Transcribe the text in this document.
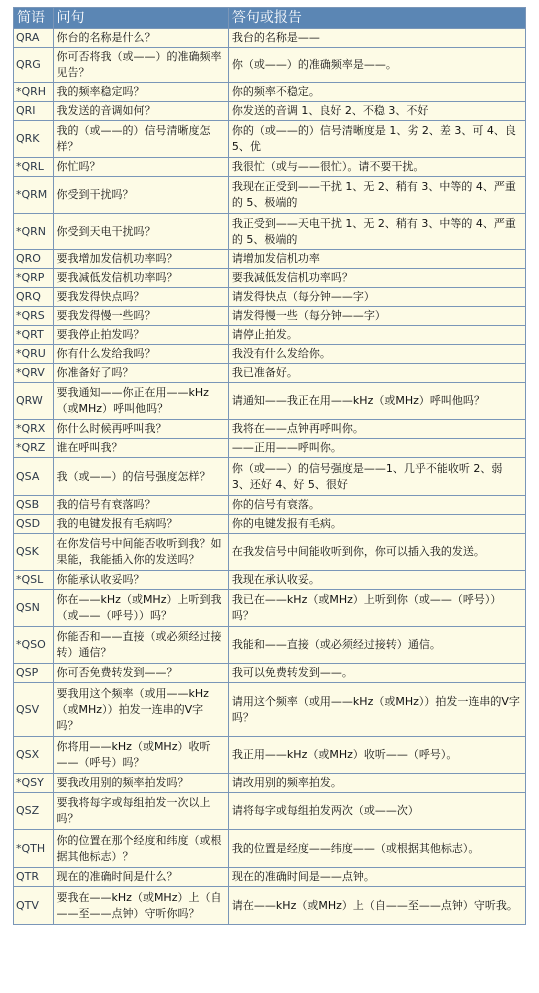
简语	问句	答句或报告
QRA	你台的名称是什么？	我台的名称是——
QRG	你可否将我（或——）的准确频率见告？	你（或——）的准确频率是——。
*QRH	我的频率稳定吗？	你的频率不稳定。
QRI	我发送的音调如何？	你发送的音调 1、良好 2、不稳 3、不好
QRK	我的（或——的）信号清晰度怎样？	你的（或——的）信号清晰度是 1、劣 2、差 3、可 4、良 5、优
*QRL	你忙吗？	我很忙（或与——很忙）。请不要干扰。
*QRM	你受到干扰吗？	我现在正受到——干扰 1、无 2、稍有 3、中等的 4、严重的 5、极端的
*QRN	你受到天电干扰吗？	我正受到——天电干扰 1、无 2、稍有 3、中等的 4、严重的 5、极端的
QRO	要我增加发信机功率吗？	请增加发信机功率
*QRP	要我减低发信机功率吗？	要我减低发信机功率吗？
QRQ	要我发得快点吗？	请发得快点（每分钟——字）
*QRS	要我发得慢一些吗？	请发得慢一些（每分钟——字）
*QRT	要我停止拍发吗？	请停止拍发。
*QRU	你有什么发给我吗？	我没有什么发给你。
*QRV	你准备好了吗？	我已准备好。
QRW	要我通知——你正在用——kHz（或MHz）呼叫他吗？	请通知——我正在用——kHz（或MHz）呼叫他吗？
*QRX	你什么时候再呼叫我？	我将在——点钟再呼叫你。
*QRZ	谁在呼叫我？	——正用——呼叫你。
QSA	我（或——）的信号强度怎样？	你（或——）的信号强度是——1、几乎不能收听 2、弱 3、还好 4、好 5、很好
QSB	我的信号有衰落吗？	你的信号有衰落。
QSD	我的电键发报有毛病吗？	你的电键发报有毛病。
QSK	在你发信号中间能否收听到我？如果能，我能插入你的发送吗？	在我发信号中间能收听到你，你可以插入我的发送。
*QSL	你能承认收妥吗？	我现在承认收妥。
QSN	你在——kHz（或MHz）上听到我（或——（呼号））吗？	我已在——kHz（或MHz）上听到你（或——（呼号））吗？
*QSO	你能否和——直接（或必须经过接转）通信？	我能和——直接（或必须经过接转）通信。
QSP	你可否免费转发到——？	我可以免费转发到——。
QSV	要我用这个频率（或用——kHz（或MHz））拍发一连串的V字吗？	请用这个频率（或用——kHz（或MHz））拍发一连串的V字吗？
QSX	你将用——kHz（或MHz）收听——（呼号）吗？	我正用——kHz（或MHz）收听——（呼号）。
*QSY	要我改用别的频率拍发吗？	请改用别的频率拍发。
QSZ	要我将每字或每组拍发一次以上吗？	请将每字或每组拍发两次（或——次）
*QTH	你的位置在那个经度和纬度（或根据其他标志）？	我的位置是经度——纬度——（或根据其他标志）。
QTR	现在的准确时间是什么？	现在的准确时间是——点钟。
QTV	要我在——kHz（或MHz）上（自——至——点钟）守听你吗？	请在——kHz（或MHz）上（自——至——点钟）守听我。
